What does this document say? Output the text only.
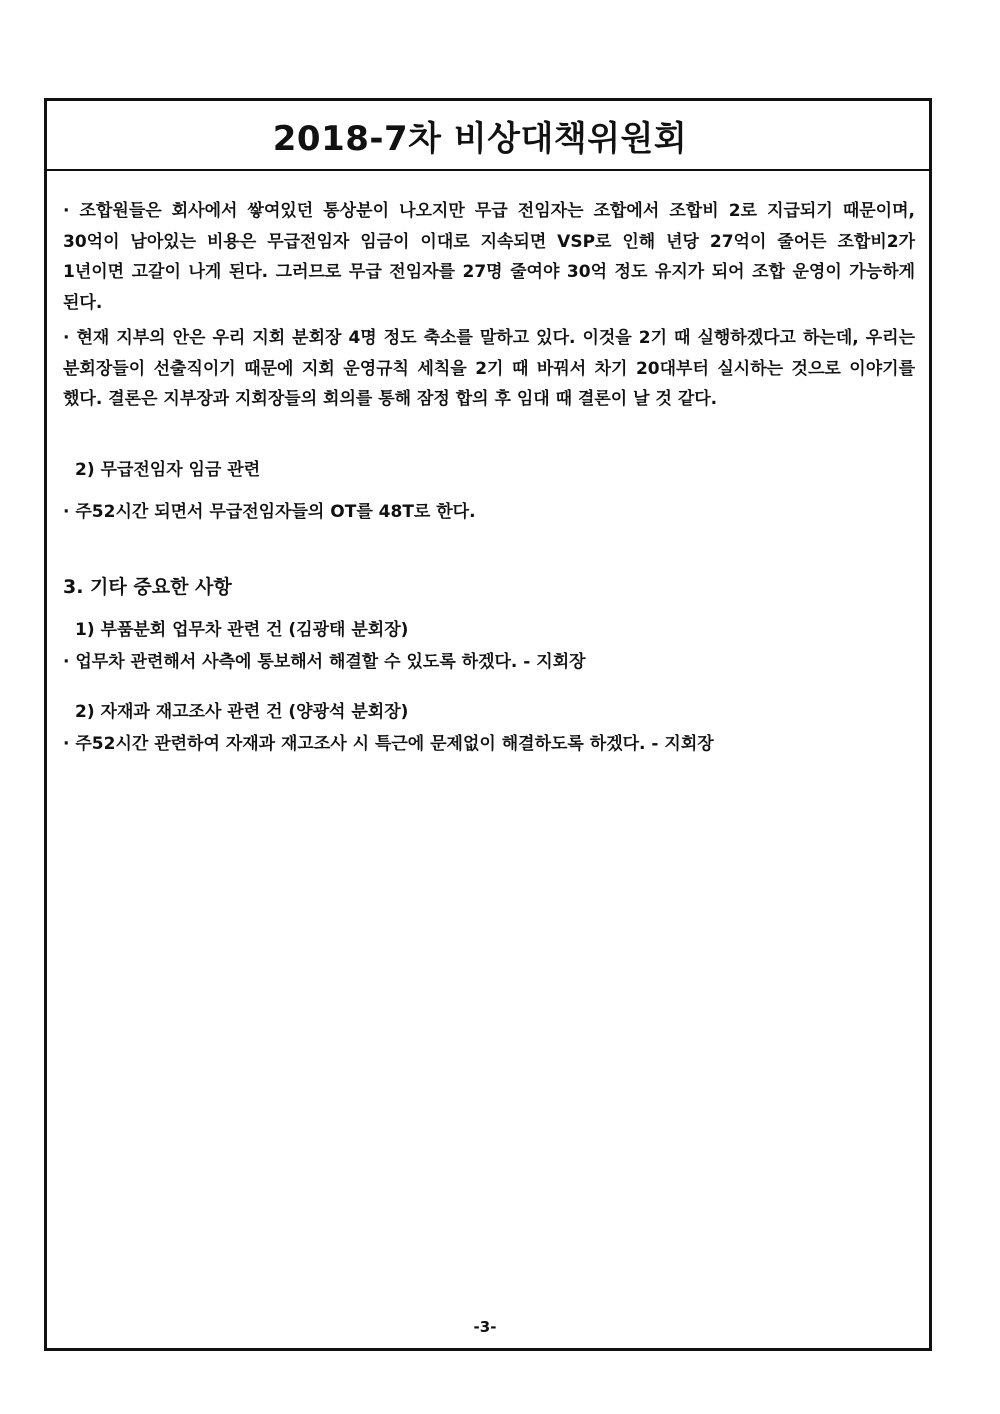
2018-7차 비상대책위원회

· 조합원들은 회사에서 쌓여있던 통상분이 나오지만 무급 전임자는 조합에서 조합비 2로 지급되기 때문이며, 30억이 남아있는 비용은 무급전임자 임금이 이대로 지속되면 VSP로 인해 년당 27억이 줄어든 조합비2가 1년이면 고갈이 나게 된다. 그러므로 무급 전임자를 27명 줄여야 30억 정도 유지가 되어 조합 운영이 가능하게 된다.

· 현재 지부의 안은 우리 지회 분회장 4명 정도 축소를 말하고 있다. 이것을 2기 때 실행하겠다고 하는데, 우리는 분회장들이 선출직이기 때문에 지회 운영규칙 세칙을 2기 때 바꿔서 차기 20대부터 실시하는 것으로 이야기를 했다. 결론은 지부장과 지회장들의 회의를 통해 잠정 합의 후 임대 때 결론이 날 것 같다.

2) 무급전임자 임금 관련
· 주52시간 되면서 무급전임자들의 OT를 48T로 한다.
3. 기타 중요한 사항
1) 부품분회 업무차 관련 건 (김광태 분회장)
· 업무차 관련해서 사측에 통보해서 해결할 수 있도록 하겠다. - 지회장
2) 자재과 재고조사 관련 건 (양광석 분회장)
· 주52시간 관련하여 자재과 재고조사 시 특근에 문제없이 해결하도록 하겠다. - 지회장
-3-
